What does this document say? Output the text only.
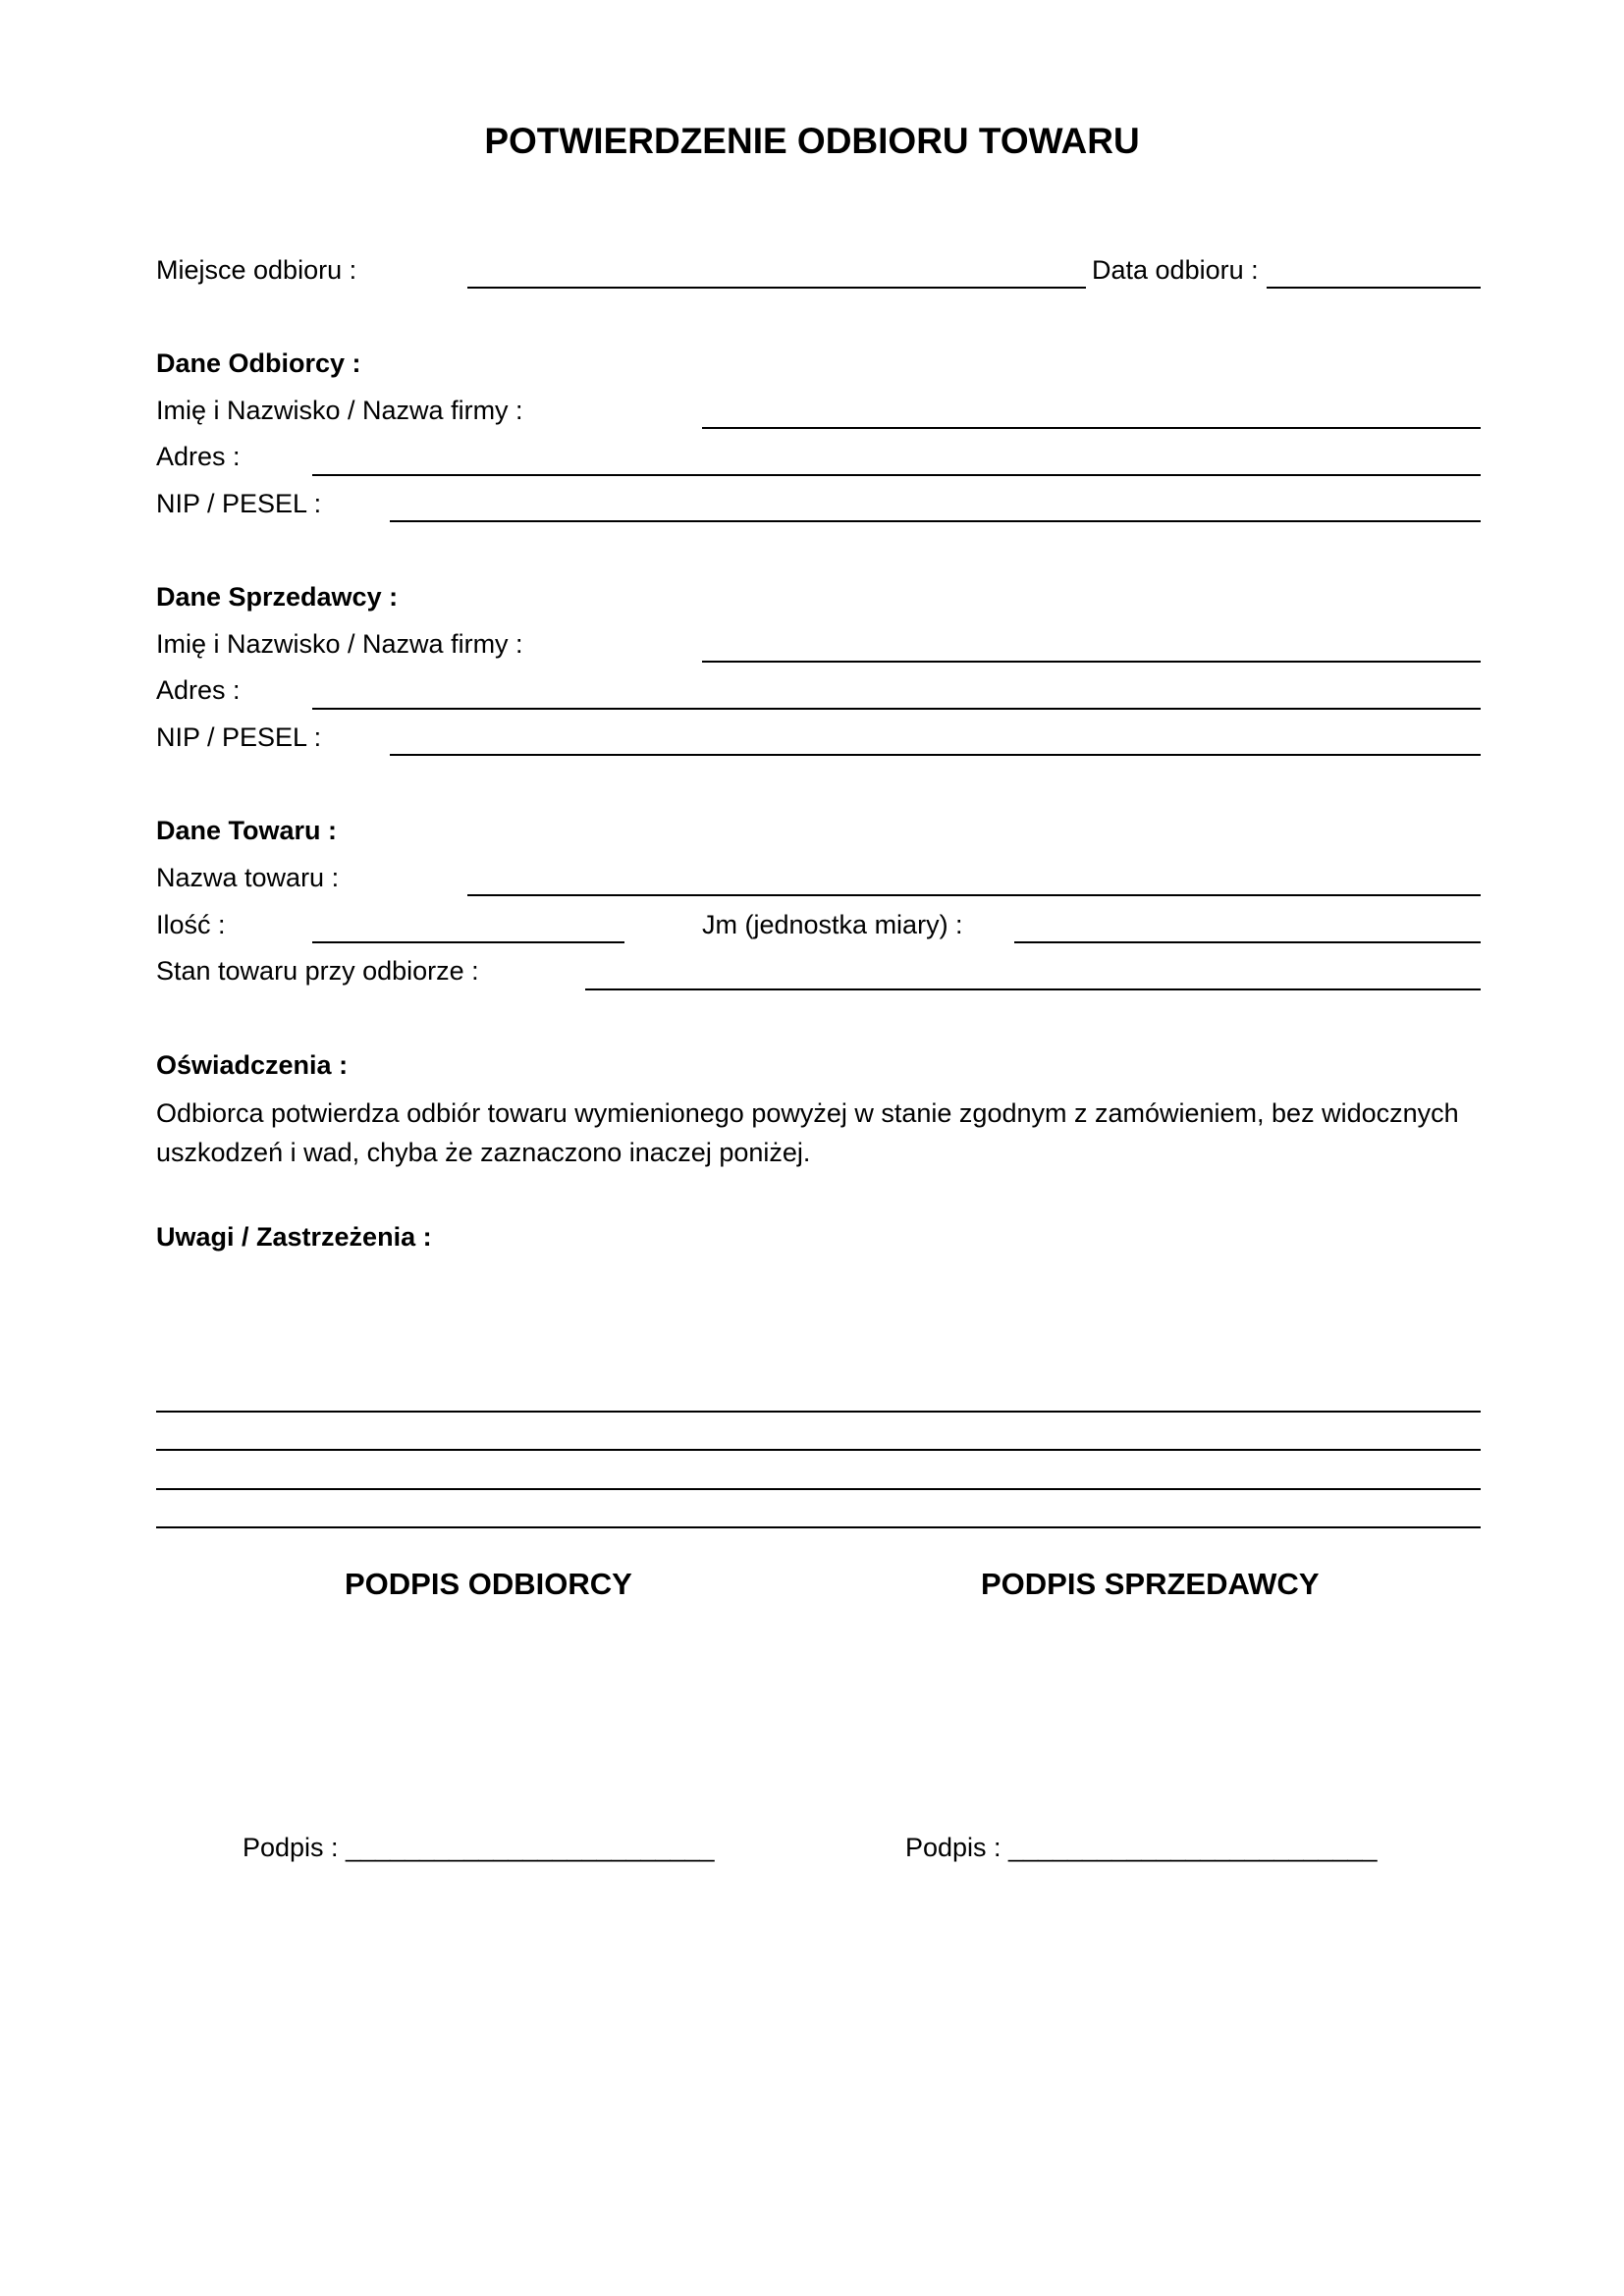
POTWIERDZENIE ODBIORU TOWARU
Miejsce odbioru :	Data odbioru :
Dane Odbiorcy :
Imię i Nazwisko / Nazwa firmy :
Adres :
NIP / PESEL :
Dane Sprzedawcy :
Imię i Nazwisko / Nazwa firmy :
Adres :
NIP / PESEL :
Dane Towaru :
Nazwa towaru :
Ilość :	Jm (jednostka miary) :
Stan towaru przy odbiorze :
Oświadczenia :
Odbiorca potwierdza odbiór towaru wymienionego powyżej w stanie zgodnym z zamówieniem, bez widocznych uszkodzeń i wad, chyba że zaznaczono inaczej poniżej.
Uwagi / Zastrzeżenia :
PODPIS ODBIORCY	PODPIS SPRZEDAWCY
Podpis : _________________________	Podpis : _________________________
